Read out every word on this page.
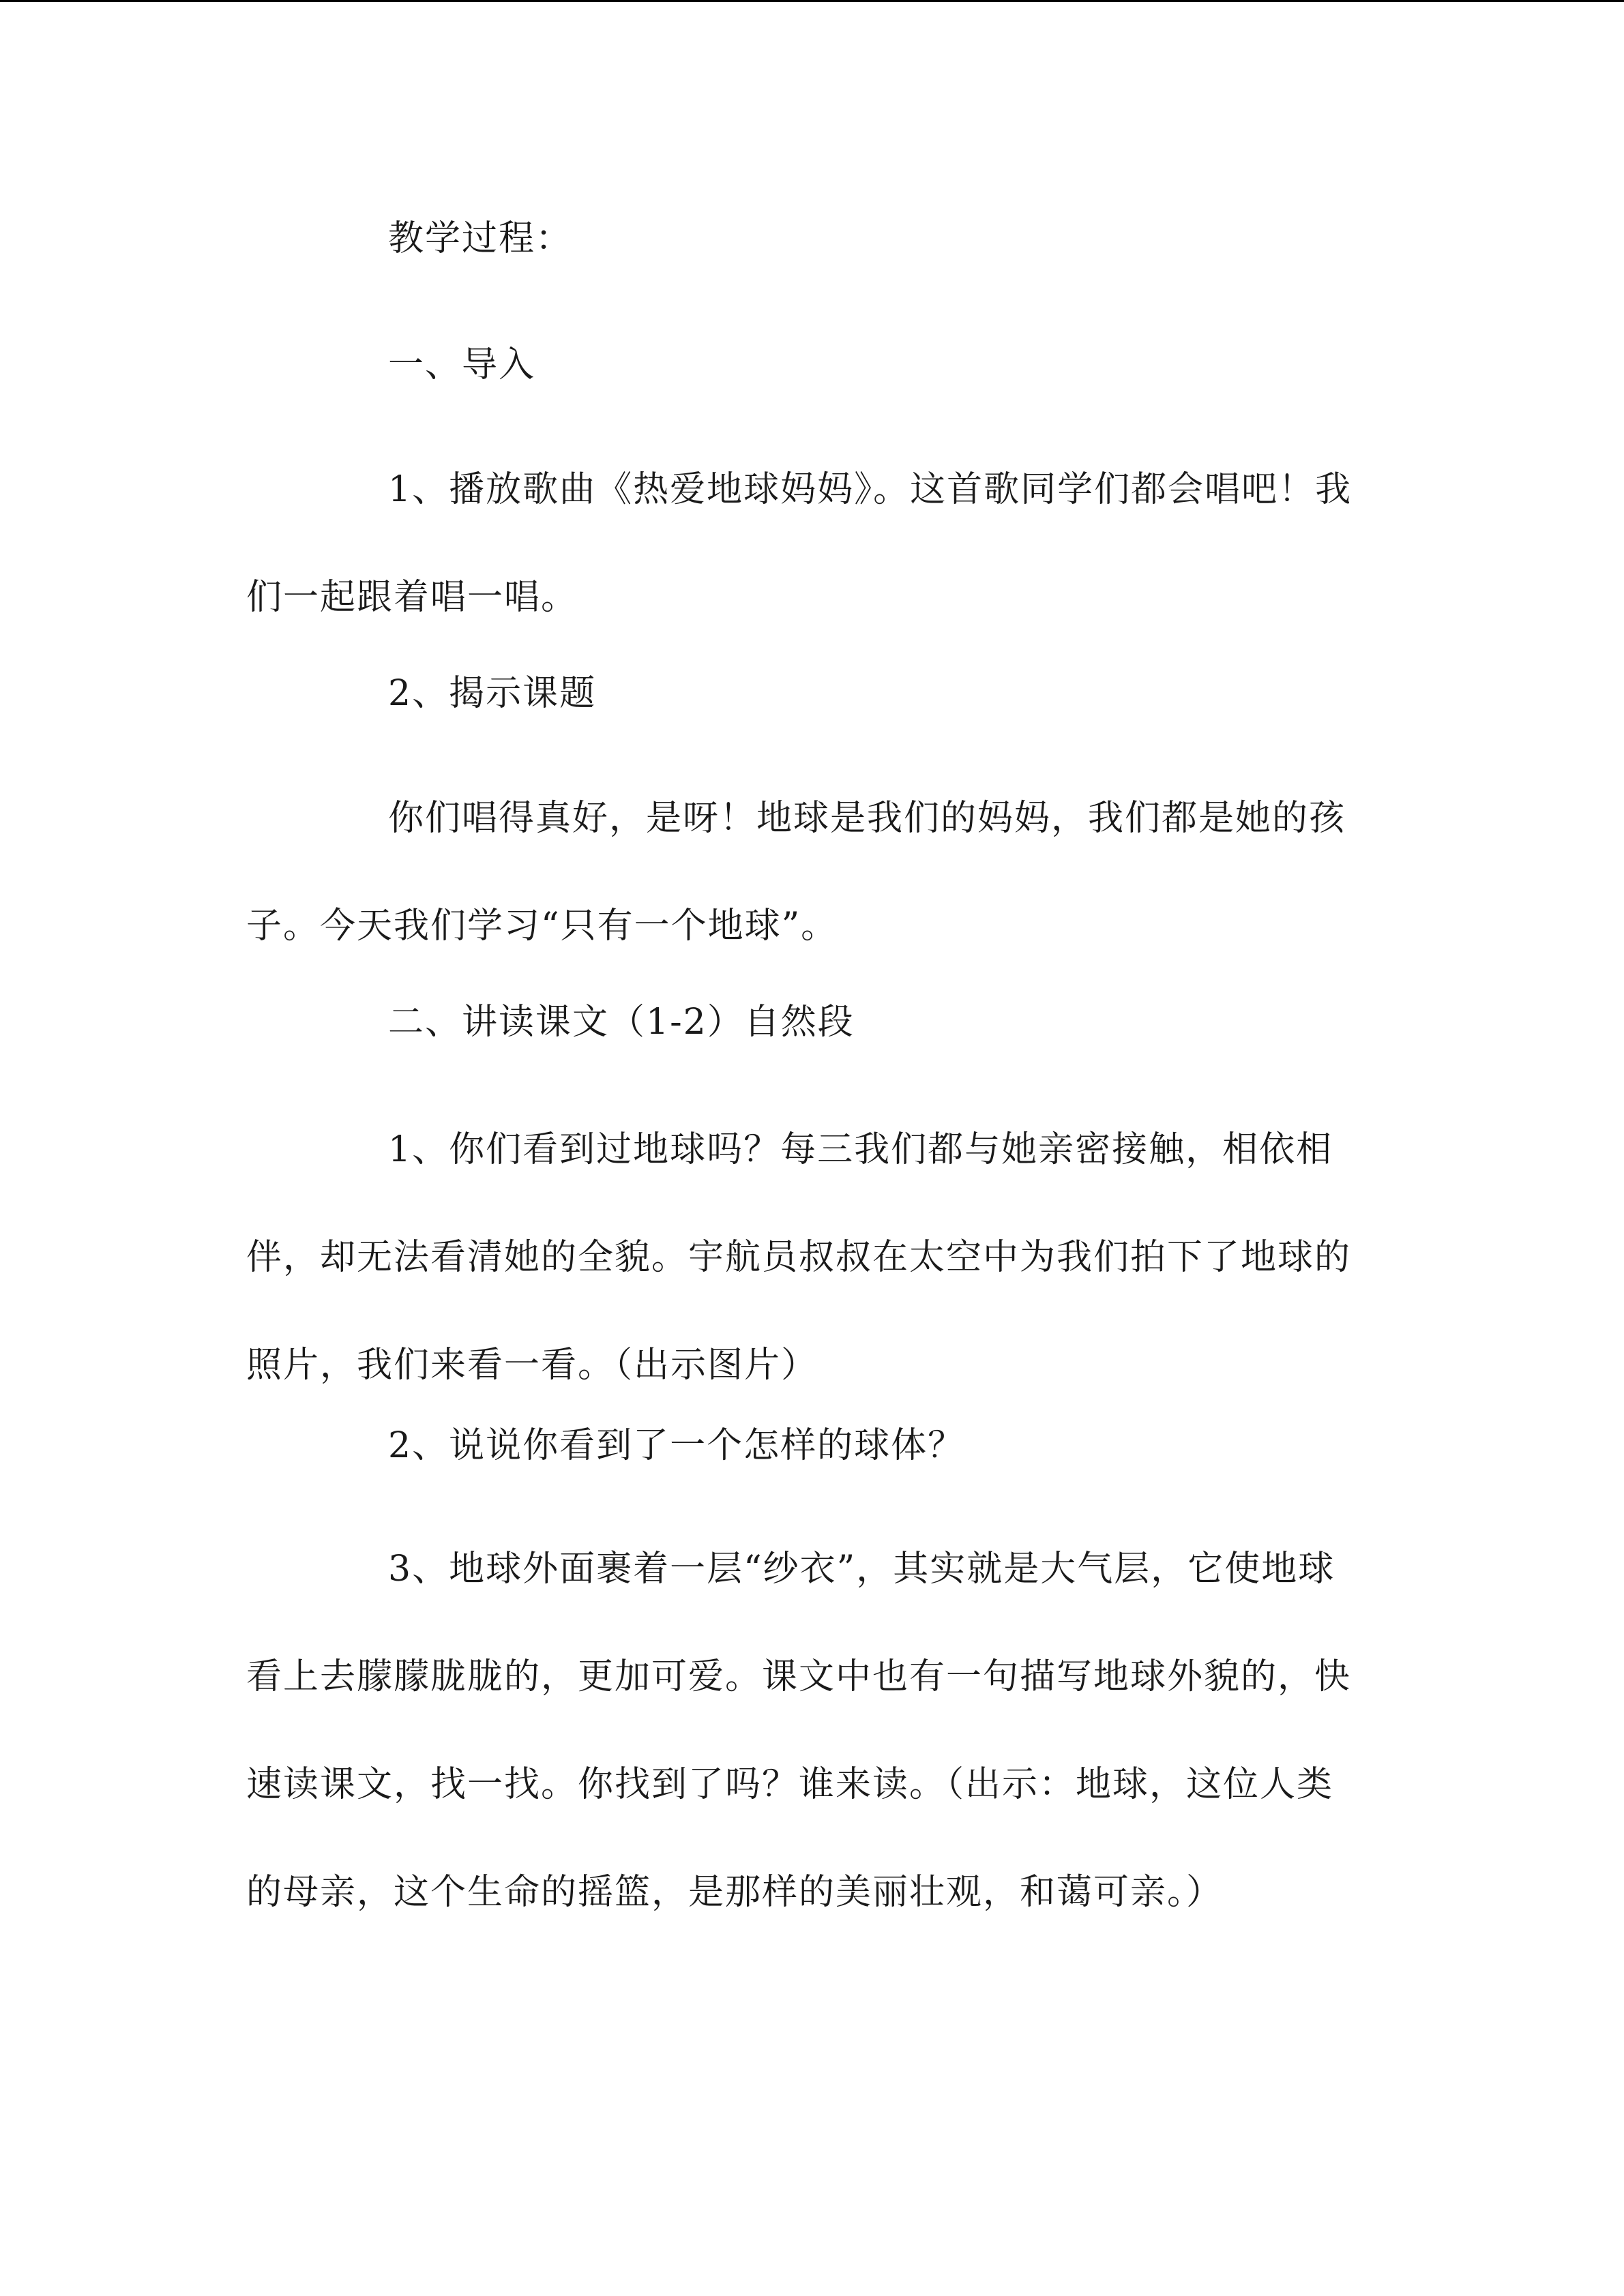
教学过程：

一、导入

1、播放歌曲《热爱地球妈妈》。这首歌同学们都会唱吧！我们一起跟着唱一唱。

2、揭示课题

你们唱得真好，是呀！地球是我们的妈妈，我们都是她的孩子。今天我们学习“只有一个地球”。

二、讲读课文（1-2）自然段

1、你们看到过地球吗？每三我们都与她亲密接触，相依相伴，却无法看清她的全貌。宇航员叔叔在太空中为我们拍下了地球的照片，我们来看一看。（出示图片）

2、说说你看到了一个怎样的球体？

3、地球外面裹着一层“纱衣”，其实就是大气层，它使地球看上去朦朦胧胧的，更加可爱。课文中也有一句描写地球外貌的，快速读课文，找一找。你找到了吗？谁来读。（出示：地球，这位人类的母亲，这个生命的摇篮，是那样的美丽壮观，和蔼可亲。）
